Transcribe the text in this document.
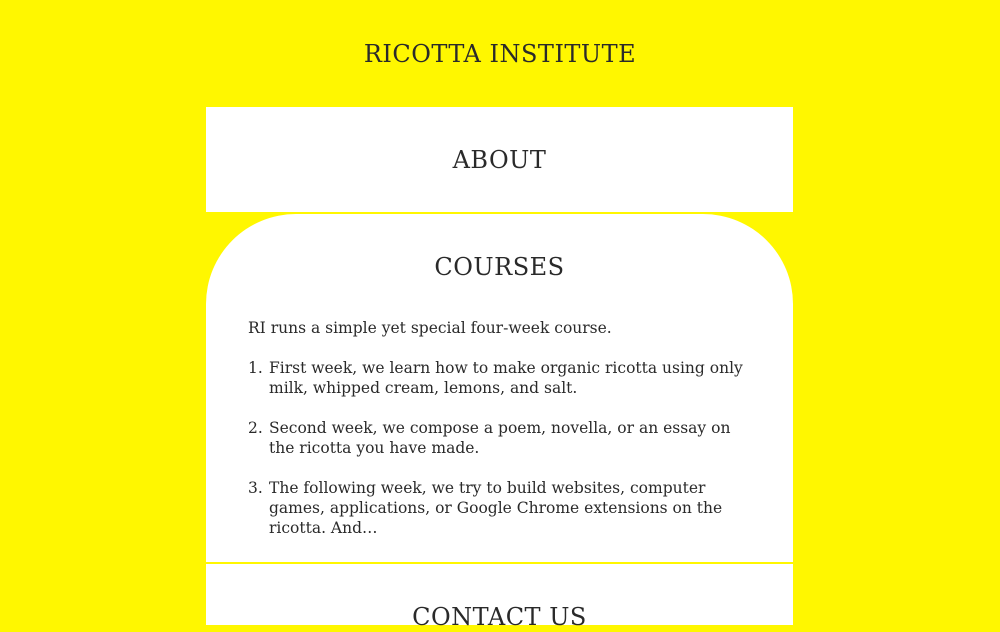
RICOTTA INSTITUTE
ABOUT
COURSES

RI runs a simple yet special four-week course.

1. First week, we learn how to make organic ricotta using only milk, whipped cream, lemons, and salt.
2. Second week, we compose a poem, novella, or an essay on the ricotta you have made.
3. The following week, we try to build websites, computer games, applications, or Google Chrome extensions on the ricotta. And…
CONTACT US
